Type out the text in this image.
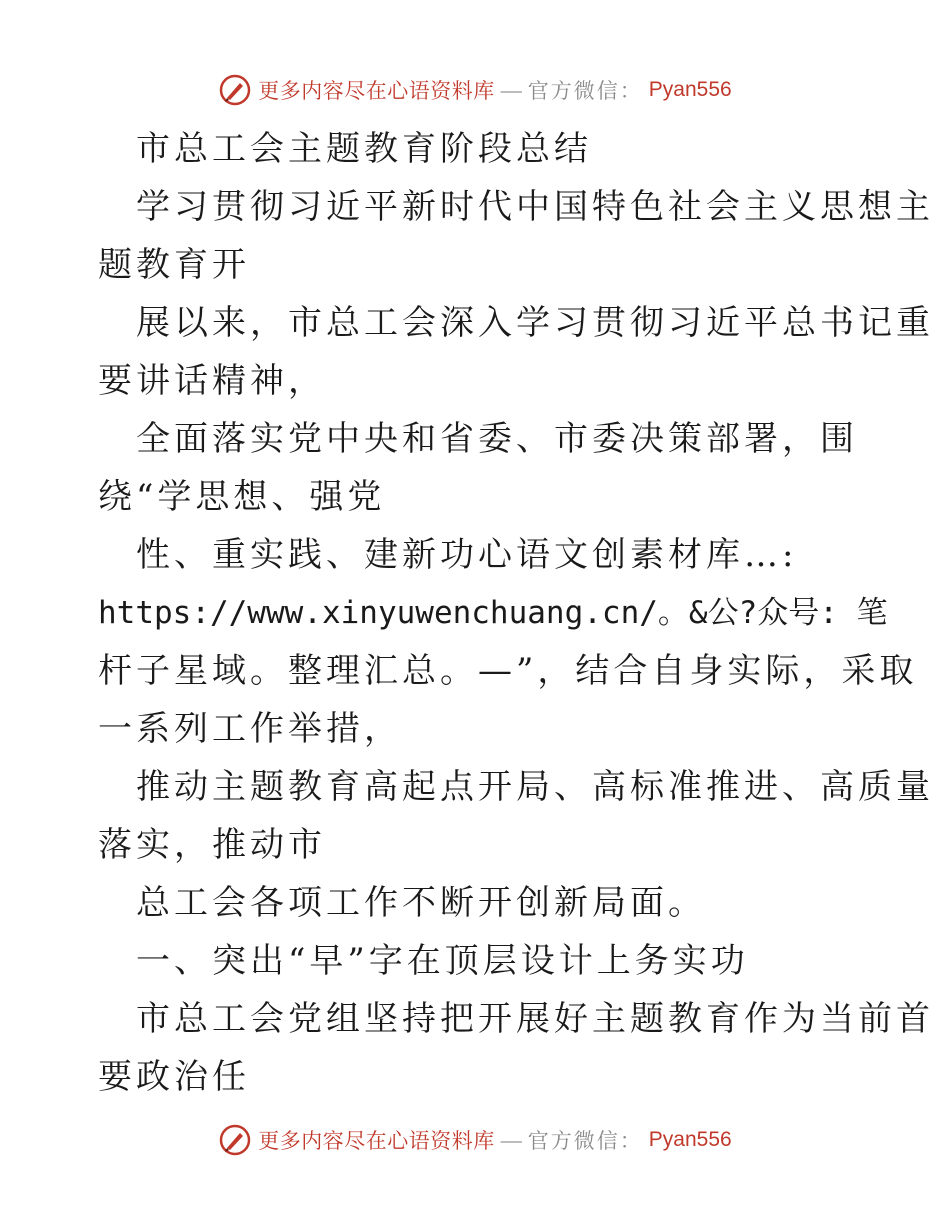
更多内容尽在心语资料库 — 官方微信： Pyan556
市总工会主题教育阶段总结
学习贯彻习近平新时代中国特色社会主义思想主
题教育开
展以来，市总工会深入学习贯彻习近平总书记重
要讲话精神，
全面落实党中央和省委、市委决策部署，围
绕“学思想、强党
性、重实践、建新功心语文创素材库…:
https://www.xinyuwenchuang.cn/。&公?众号: 笔
杆子星域。整理汇总。—”，结合自身实际，采取
一系列工作举措，
推动主题教育高起点开局、高标准推进、高质量
落实，推动市
总工会各项工作不断开创新局面。
一、突出“早”字在顶层设计上务实功
市总工会党组坚持把开展好主题教育作为当前首
要政治任
更多内容尽在心语资料库 — 官方微信： Pyan556
